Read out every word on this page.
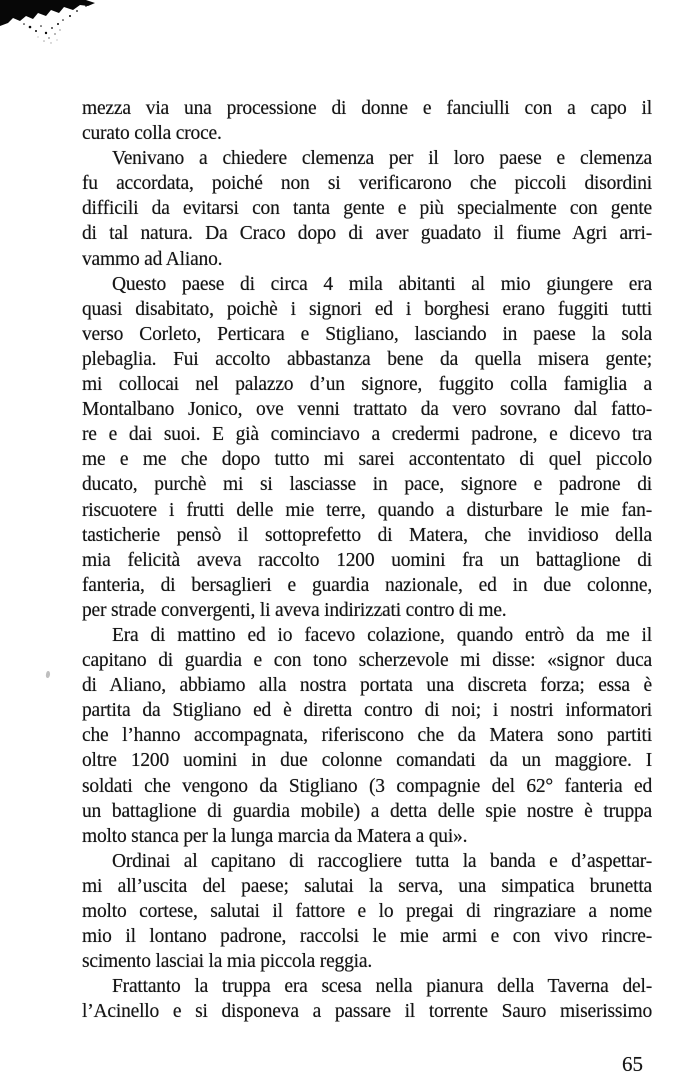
mezza via una processione di donne e fanciulli con a capo il
curato colla croce.
Venivano a chiedere clemenza per il loro paese e clemenza
fu accordata, poiché non si verificarono che piccoli disordini
difficili da evitarsi con tanta gente e più specialmente con gente
di tal natura. Da Craco dopo di aver guadato il fiume Agri arri-
vammo ad Aliano.
Questo paese di circa 4 mila abitanti al mio giungere era
quasi disabitato, poichè i signori ed i borghesi erano fuggiti tutti
verso Corleto, Perticara e Stigliano, lasciando in paese la sola
plebaglia. Fui accolto abbastanza bene da quella misera gente;
mi collocai nel palazzo d’un signore, fuggito colla famiglia a
Montalbano Jonico, ove venni trattato da vero sovrano dal fatto-
re e dai suoi. E già cominciavo a credermi padrone, e dicevo tra
me e me che dopo tutto mi sarei accontentato di quel piccolo
ducato, purchè mi si lasciasse in pace, signore e padrone di
riscuotere i frutti delle mie terre, quando a disturbare le mie fan-
tasticherie pensò il sottoprefetto di Matera, che invidioso della
mia felicità aveva raccolto 1200 uomini fra un battaglione di
fanteria, di bersaglieri e guardia nazionale, ed in due colonne,
per strade convergenti, li aveva indirizzati contro di me.
Era di mattino ed io facevo colazione, quando entrò da me il
capitano di guardia e con tono scherzevole mi disse: «signor duca
di Aliano, abbiamo alla nostra portata una discreta forza; essa è
partita da Stigliano ed è diretta contro di noi; i nostri informatori
che l’hanno accompagnata, riferiscono che da Matera sono partiti
oltre 1200 uomini in due colonne comandati da un maggiore. I
soldati che vengono da Stigliano (3 compagnie del 62° fanteria ed
un battaglione di guardia mobile) a detta delle spie nostre è truppa
molto stanca per la lunga marcia da Matera a qui».
Ordinai al capitano di raccogliere tutta la banda e d’aspettar-
mi all’uscita del paese; salutai la serva, una simpatica brunetta
molto cortese, salutai il fattore e lo pregai di ringraziare a nome
mio il lontano padrone, raccolsi le mie armi e con vivo rincre-
scimento lasciai la mia piccola reggia.
Frattanto la truppa era scesa nella pianura della Taverna del-
l’Acinello e si disponeva a passare il torrente Sauro miserissimo
65
